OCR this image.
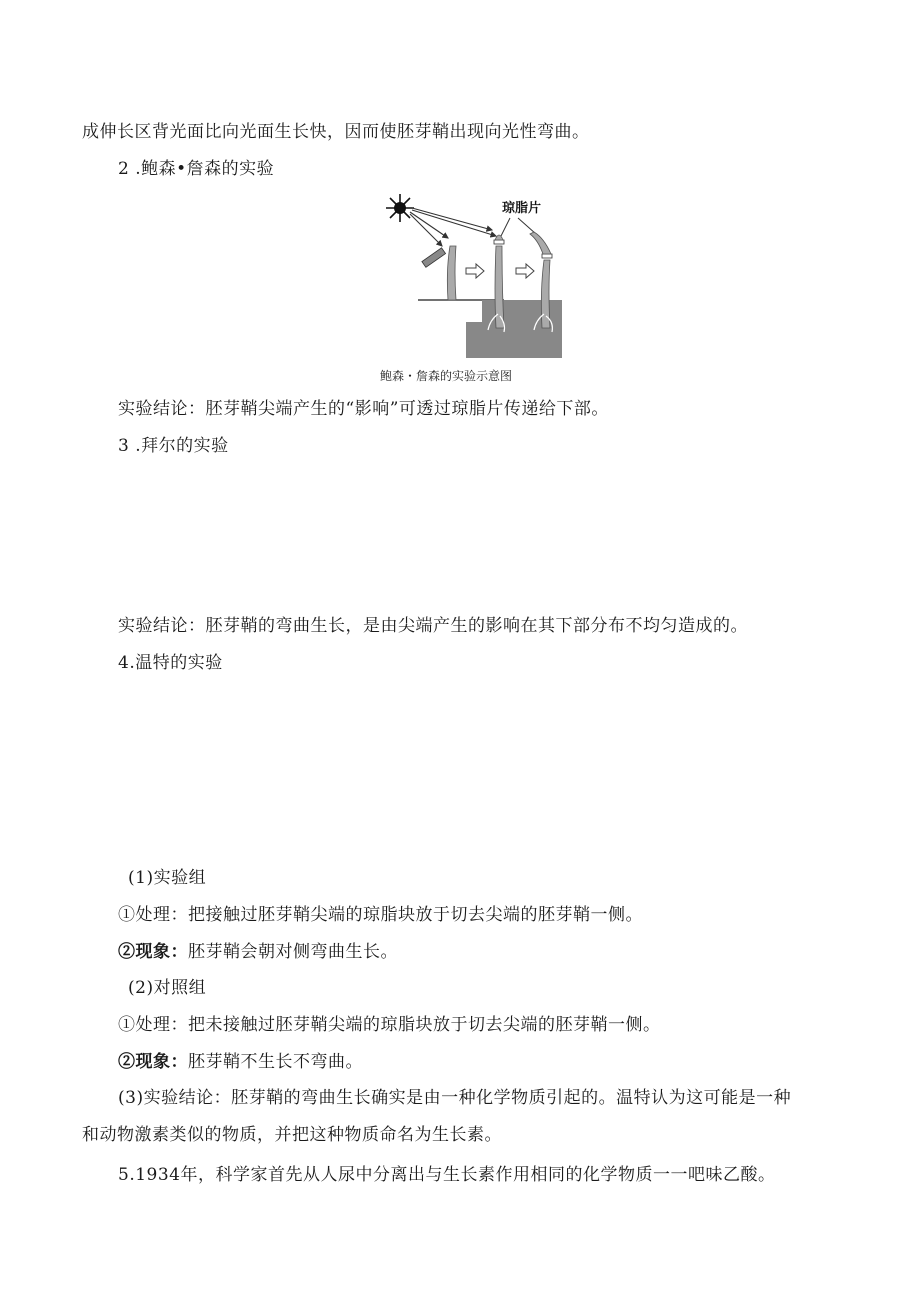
成伸长区背光面比向光面生长快，因而使胚芽鞘出现向光性弯曲。
2 .鲍森•詹森的实验
琼脂片
鲍森・詹森的实验示意图
实验结论：胚芽鞘尖端产生的“影响”可透过琼脂片传递给下部。
3 .拜尔的实验
实验结论：胚芽鞘的弯曲生长，是由尖端产生的影响在其下部分布不均匀造成的。
4.温特的实验
(1)实验组
①处理：把接触过胚芽鞘尖端的琼脂块放于切去尖端的胚芽鞘一侧。
②现象：胚芽鞘会朝对侧弯曲生长。
(2)对照组
①处理：把未接触过胚芽鞘尖端的琼脂块放于切去尖端的胚芽鞘一侧。
②现象：胚芽鞘不生长不弯曲。
(3)实验结论：胚芽鞘的弯曲生长确实是由一种化学物质引起的。温特认为这可能是一种
和动物激素类似的物质，并把这种物质命名为生长素。
5.1934年，科学家首先从人尿中分离出与生长素作用相同的化学物质一一吧味乙酸。
